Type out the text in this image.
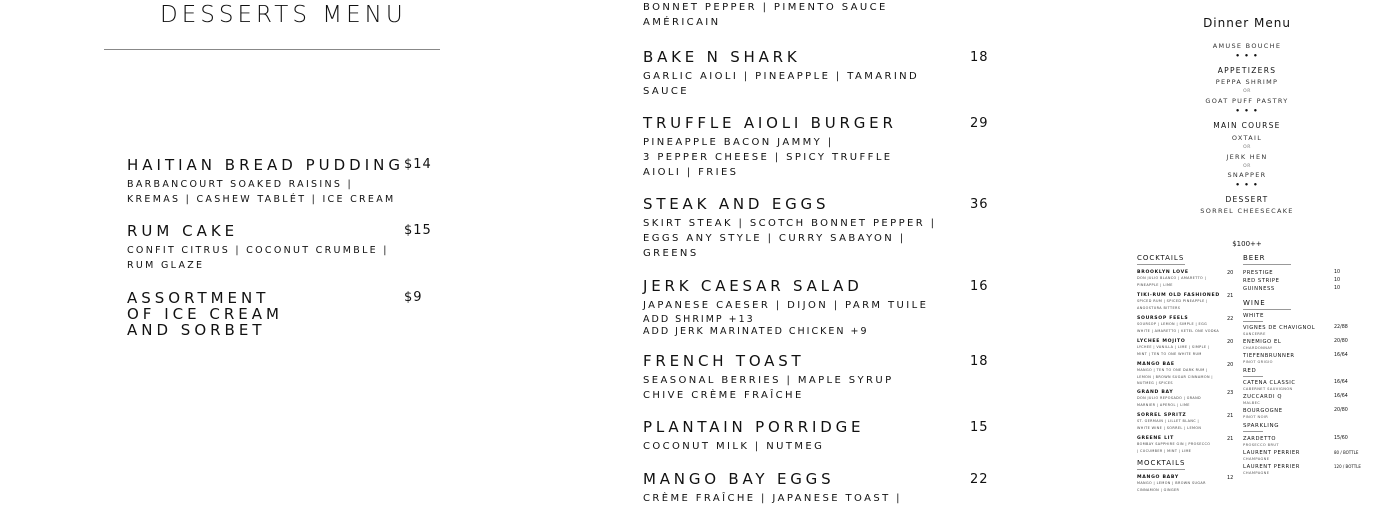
DESSERTS MENU
HAITIAN BREAD PUDDING
BARBANCOURT SOAKED RAISINS |
KREMAS | CASHEW TABLÉT | ICE CREAM
$14
RUM CAKE
CONFIT CITRUS | COCONUT CRUMBLE |
RUM GLAZE
$15
ASSORTMENT
OF ICE CREAM
AND SORBET
$9
BONNET PEPPER | PIMENTO SAUCE
AMÉRICAIN
BAKE N SHARK
GARLIC AIOLI | PINEAPPLE | TAMARIND
SAUCE
18
TRUFFLE AIOLI BURGER
PINEAPPLE BACON JAMMY |
3 PEPPER CHEESE | SPICY TRUFFLE
AIOLI | FRIES
29
STEAK AND EGGS
SKIRT STEAK | SCOTCH BONNET PEPPER |
EGGS ANY STYLE | CURRY SABAYON |
GREENS
36
JERK CAESAR SALAD
JAPANESE CAESER | DIJON | PARM TUILE
ADD SHRIMP +13
ADD JERK MARINATED CHICKEN +9
16
FRENCH TOAST
SEASONAL BERRIES | MAPLE SYRUP
CHIVE CRÈME FRAÎCHE
18
PLANTAIN PORRIDGE
COCONUT MILK | NUTMEG
15
MANGO BAY EGGS
CRÈME FRAÎCHE | JAPANESE TOAST |
22
Dinner Menu
AMUSE BOUCHE
• • •
APPETIZERS
PEPPA SHRIMP
OR
GOAT PUFF PASTRY
• • •
MAIN COURSE
OXTAIL
OR
JERK HEN
OR
SNAPPER
• • •
DESSERT
SORREL CHEESECAKE
$100++
COCKTAILS
BROOKLYN LOVE
DON JULIO BLANCO | AMARETTO |
PINEAPPLE | LIME
20
TIKI-RUM OLD FASHIONED
SPICED RUM | SPICED PINEAPPLE |
ANGOSTURA BITTERS
21
SOURSOP FEELS
SOURSOP | LEMON | SIMPLE | EGG
WHITE | AMARETTO | KETEL ONE VODKA
22
LYCHEE MOJITO
LYCHEE | VANILLA | LIME | SIMPLE |
MINT | TEN TO ONE WHITE RUM
20
MANGO BAE
MANGO | TEN TO ONE DARK RUM |
LEMON | BROWN SUGAR CINNAMON |
NUTMEG | SPICES
20
GRAND BAY
DON JULIO REPOSADO | GRAND
MARNIER | APEROL | LIME
23
SORREL SPRITZ
ST. GERMAIN | LILLET BLANC |
WHITE WINE | SORREL | LEMON
21
GREENE LIT
BOMBAY SAPPHIRE GIN | PROSECCO
| CUCUMBER | MINT | LIME
21
MOCKTAILS
MANGO BABY
MANGO | LEMON | BROWN SUGAR
CINNAMON | GINGER
12
BEER
PRESTIGE	10
RED STRIPE	10
GUINNESS	10
WINE
WHITE
VIGNES DE CHAVIGNOL
SANCERRE
22/88
ENEMIGO EL
CHARDONNAY
20/80
TIEFENBRUNNER
PINOT GRIGIO
16/64
RED
CATENA CLASSIC
CABERNET SAUVIGNON
16/64
ZUCCARDI Q
MALBEC
16/64
BOURGOGNE
PINOT NOIR
20/80
SPARKLING
ZARDETTO
PROSECCO BRUT
15/60
LAURENT PERRIER
CHAMPAGNE
80 / BOTTLE
LAURENT PERRIER
CHAMPAGNE
120 / BOTTLE
